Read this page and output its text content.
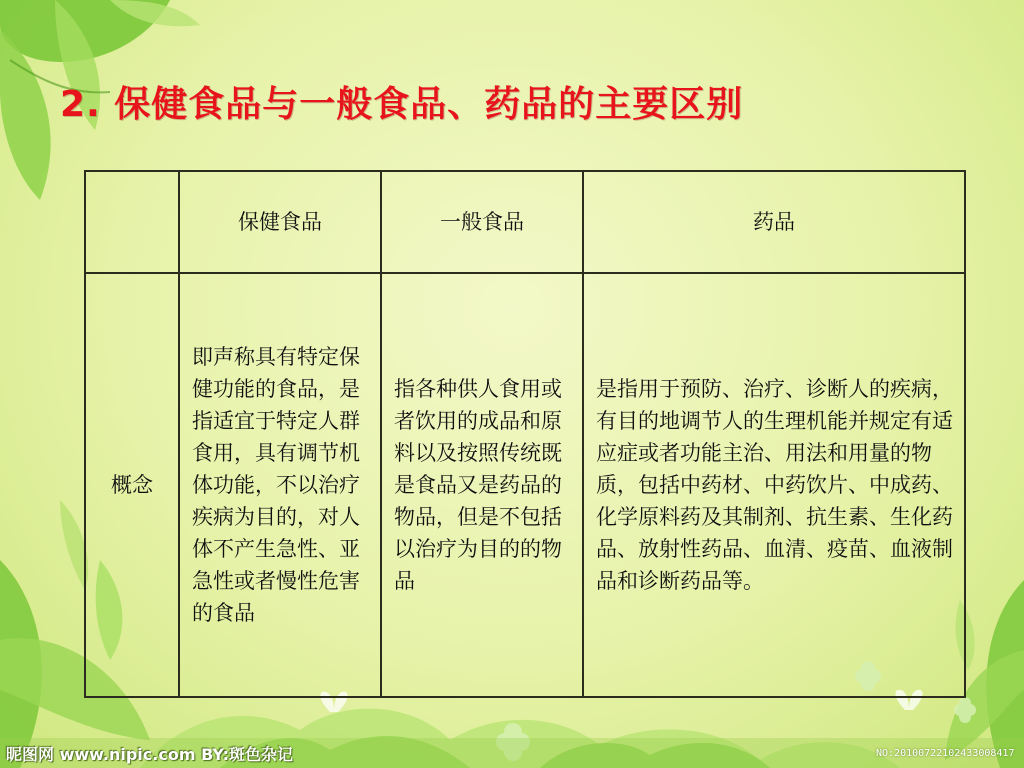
2. 保健食品与一般食品、药品的主要区别
	保健食品	一般食品	药品
概念	即声称具有特定保健功能的食品，是指适宜于特定人群食用，具有调节机体功能，不以治疗疾病为目的，对人体不产生急性、亚急性或者慢性危害的食品	指各种供人食用或者饮用的成品和原料以及按照传统既是食品又是药品的物品，但是不包括以治疗为目的的物品	是指用于预防、治疗、诊断人的疾病，有目的地调节人的生理机能并规定有适应症或者功能主治、用法和用量的物质，包括中药材、中药饮片、中成药、化学原料药及其制剂、抗生素、生化药品、放射性药品、血清、疫苗、血液制品和诊断药品等。
昵图网 www.nipic.com BY:斑色杂记	NO:20100722102433008417
